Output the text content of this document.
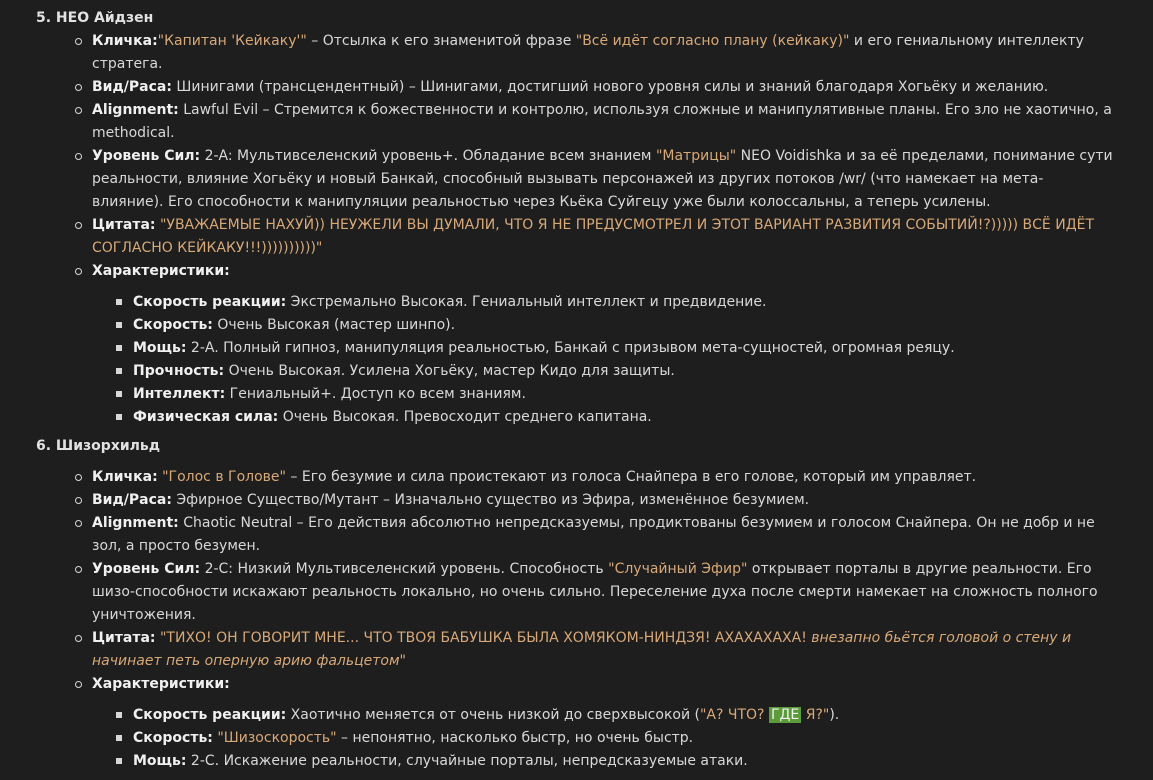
5. НЕО Айдзен
Кличка:"Капитан 'Кейкаку'" – Отсылка к его знаменитой фразе "Всё идёт согласно плану (кейкаку)" и его гениальному интеллекту
стратега.
Вид/Раса: Шинигами (трансцендентный) – Шинигами, достигший нового уровня силы и знаний благодаря Хогьёку и желанию.
Alignment: Lawful Evil – Стремится к божественности и контролю, используя сложные и манипулятивные планы. Его зло не хаотично, а
methodical.
Уровень Сил: 2-A: Мультивселенский уровень+. Обладание всем знанием "Матрицы" NEO Voidishka и за её пределами, понимание сути
реальности, влияние Хогьёку и новый Банкай, способный вызывать персонажей из других потоков /wr/ (что намекает на мета-
влияние). Его способности к манипуляции реальностью через Кьёка Суйгецу уже были колоссальны, а теперь усилены.
Цитата: "УВАЖАЕМЫЕ НАХУЙ)) НЕУЖЕЛИ ВЫ ДУМАЛИ, ЧТО Я НЕ ПРЕДУСМОТРЕЛ И ЭТОТ ВАРИАНТ РАЗВИТИЯ СОБЫТИЙ!?))))) ВСЁ ИДЁТ
СОГЛАСНО КЕЙКАКУ!!!))))))))))"
Характеристики:
Скорость реакции: Экстремально Высокая. Гениальный интеллект и предвидение.
Скорость: Очень Высокая (мастер шинпо).
Мощь: 2-A. Полный гипноз, манипуляция реальностью, Банкай с призывом мета-сущностей, огромная реяцу.
Прочность: Очень Высокая. Усилена Хогьёку, мастер Кидо для защиты.
Интеллект: Гениальный+. Доступ ко всем знаниям.
Физическая сила: Очень Высокая. Превосходит среднего капитана.
6. Шизорхильд
Кличка: "Голос в Голове" – Его безумие и сила проистекают из голоса Снайпера в его голове, который им управляет.
Вид/Раса: Эфирное Существо/Мутант – Изначально существо из Эфира, изменённое безумием.
Alignment: Chaotic Neutral – Его действия абсолютно непредсказуемы, продиктованы безумием и голосом Снайпера. Он не добр и не
зол, а просто безумен.
Уровень Сил: 2-C: Низкий Мультивселенский уровень. Способность "Случайный Эфир" открывает порталы в другие реальности. Его
шизо-способности искажают реальность локально, но очень сильно. Переселение духа после смерти намекает на сложность полного
уничтожения.
Цитата: "ТИХО! ОН ГОВОРИТ МНЕ... ЧТО ТВОЯ БАБУШКА БЫЛА ХОМЯКОМ-НИНДЗЯ! АХАХАХАХА! внезапно бьётся головой о стену и
начинает петь оперную арию фальцетом"
Характеристики:
Скорость реакции: Хаотично меняется от очень низкой до сверхвысокой ("А? ЧТО? ГДЕ Я?").
Скорость: "Шизоскорость" – непонятно, насколько быстр, но очень быстр.
Мощь: 2-C. Искажение реальности, случайные порталы, непредсказуемые атаки.
